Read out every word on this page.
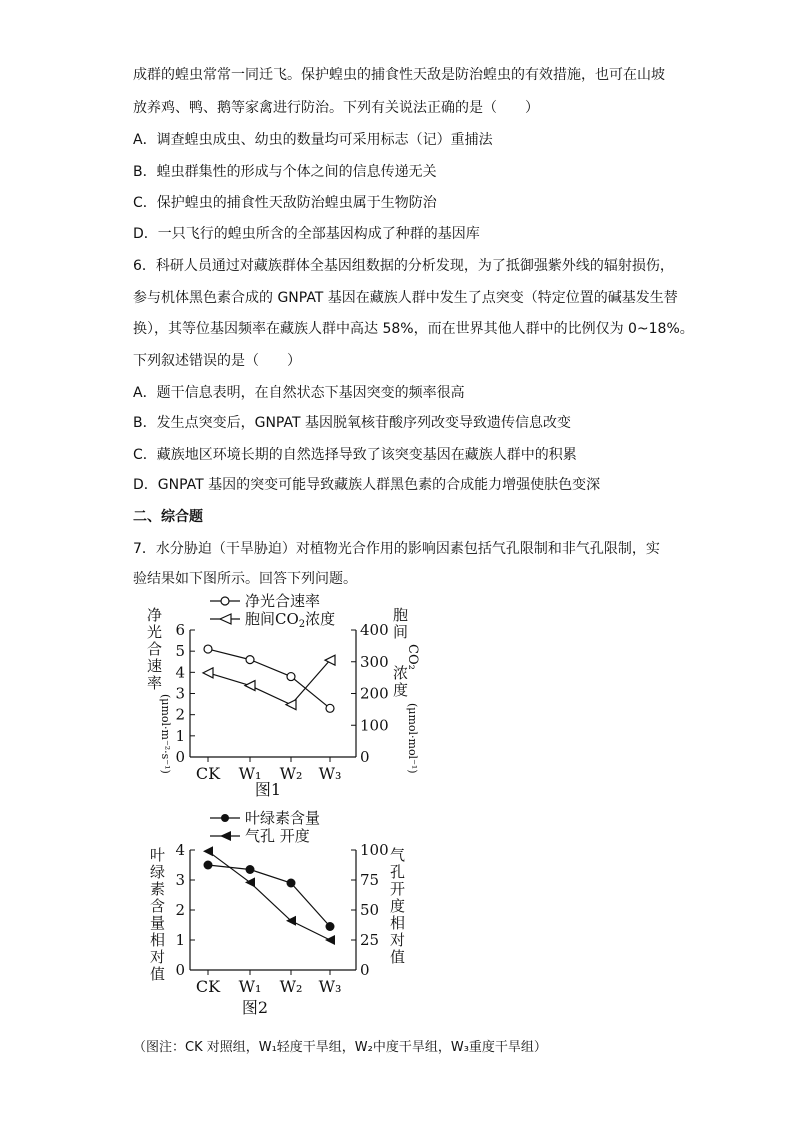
成群的蝗虫常常一同迁飞。保护蝗虫的捕食性天敌是防治蝗虫的有效措施，也可在山坡
放养鸡、鸭、鹅等家禽进行防治。下列有关说法正确的是（　　）
A．调查蝗虫成虫、幼虫的数量均可采用标志（记）重捕法
B．蝗虫群集性的形成与个体之间的信息传递无关
C．保护蝗虫的捕食性天敌防治蝗虫属于生物防治
D．一只飞行的蝗虫所含的全部基因构成了种群的基因库
6．科研人员通过对藏族群体全基因组数据的分析发现，为了抵御强紫外线的辐射损伤，
参与机体黑色素合成的 GNPAT 基因在藏族人群中发生了点突变（特定位置的碱基发生替
换），其等位基因频率在藏族人群中高达 58%，而在世界其他人群中的比例仅为 0~18%。
下列叙述错误的是（　　）
A．题干信息表明，在自然状态下基因突变的频率很高
B．发生点突变后，GNPAT 基因脱氧核苷酸序列改变导致遗传信息改变
C．藏族地区环境长期的自然选择导致了该突变基因在藏族人群中的积累
D．GNPAT 基因的突变可能导致藏族人群黑色素的合成能力增强使肤色变深
二、综合题
7．水分胁迫（干旱胁迫）对植物光合作用的影响因素包括气孔限制和非气孔限制，实
验结果如下图所示。回答下列问题。
净光合速率
胞间$CO_2$浓度
净
光
合
速
率
(μmol·m⁻²·s⁻¹)
胞
间
CO₂
浓
度
(μmol·mol⁻¹)
0
1
2
3
4
5
6
0
100
200
300
400
CK W₁ W₂ W₃
图1
叶绿素含量
气孔 开度
叶
绿
素
含
量
相
对
值
气
孔
开
度
相
对
值
0
1
2
3
4
0
25
50
75
100
CK W₁ W₂ W₃
图2
（图注：CK 对照组，W₁轻度干旱组，W₂中度干旱组，W₃重度干旱组）
